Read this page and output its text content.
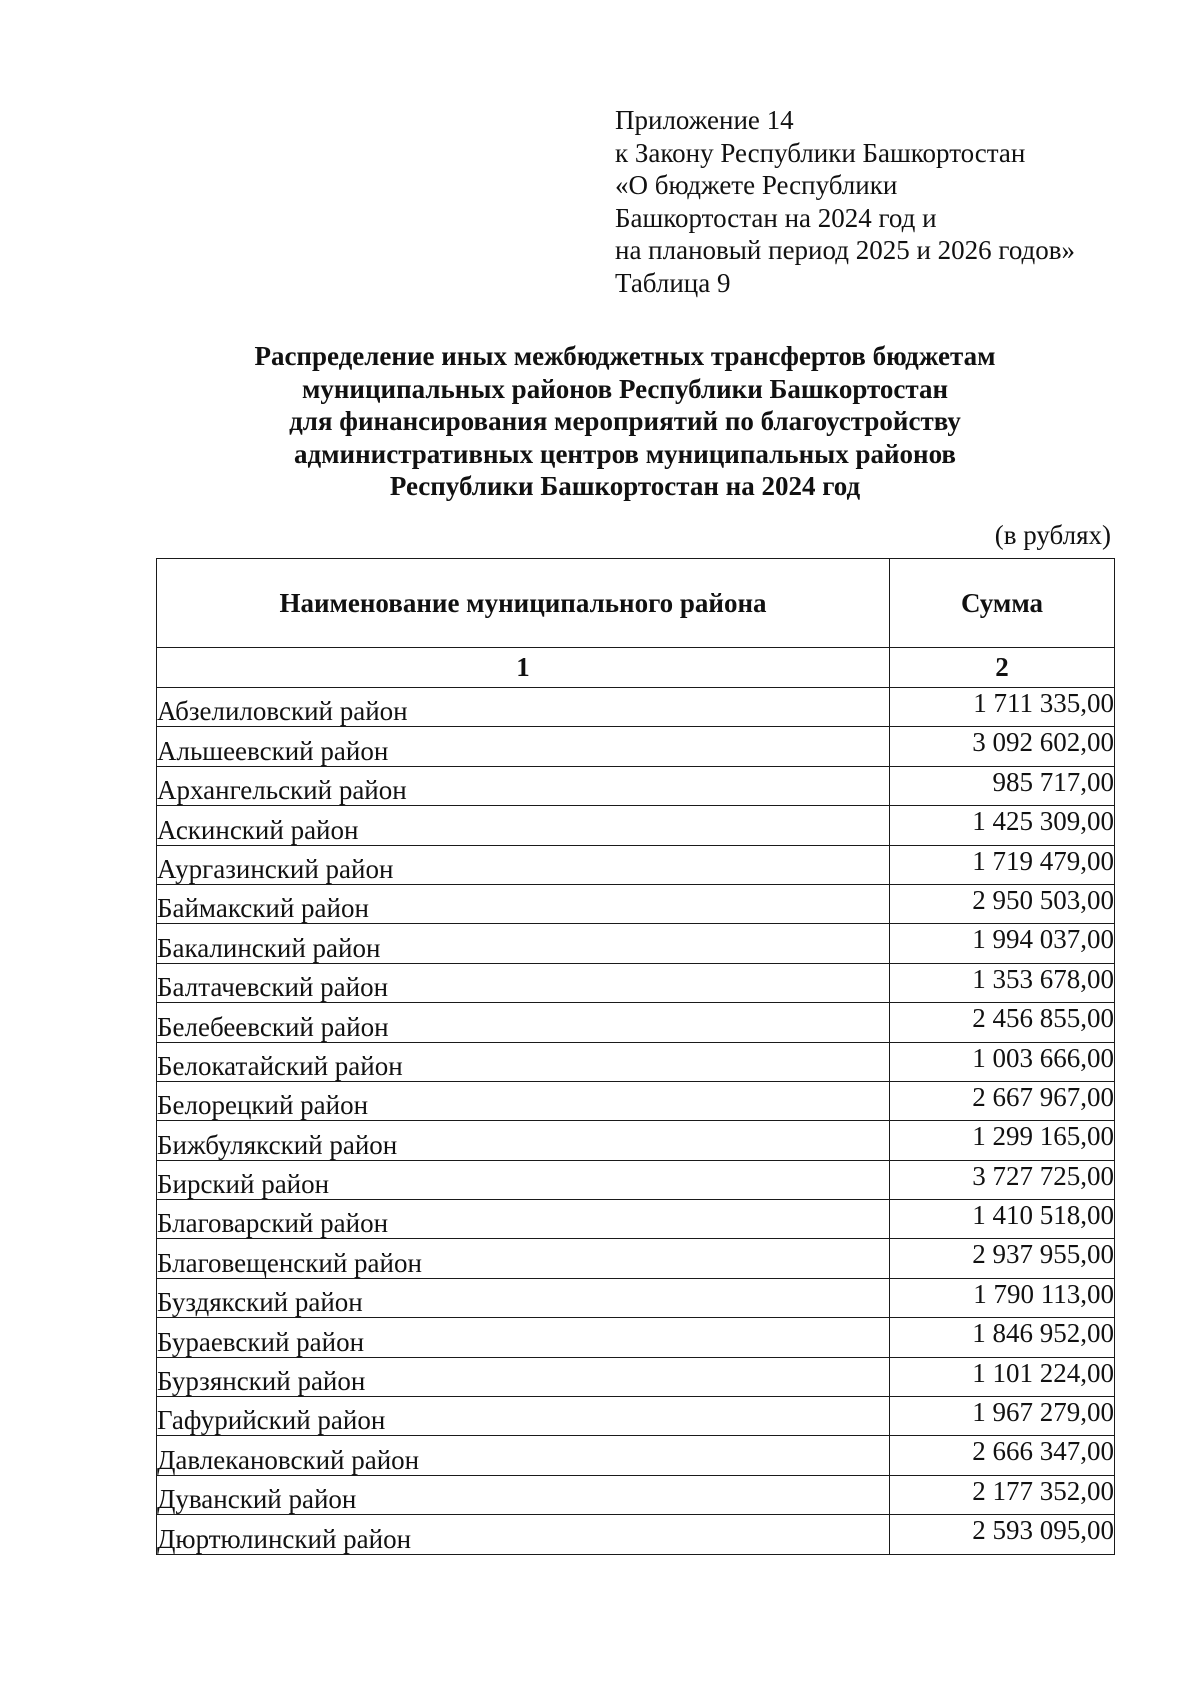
Приложение 14
к Закону Республики Башкортостан
«О бюджете Республики
Башкортостан на 2024 год и
на плановый период 2025 и 2026 годов»
Таблица 9
Распределение иных межбюджетных трансфертов бюджетам
муниципальных районов Республики Башкортостан
для финансирования мероприятий по благоустройству
административных центров муниципальных районов
Республики Башкортостан на 2024 год
(в рублях)
Наименование муниципального района	Сумма
1	2
Абзелиловский район	1 711 335,00
Альшеевский район	3 092 602,00
Архангельский район	985 717,00
Аскинский район	1 425 309,00
Аургазинский район	1 719 479,00
Баймакский район	2 950 503,00
Бакалинский район	1 994 037,00
Балтачевский район	1 353 678,00
Белебеевский район	2 456 855,00
Белокатайский район	1 003 666,00
Белорецкий район	2 667 967,00
Бижбулякский район	1 299 165,00
Бирский район	3 727 725,00
Благоварский район	1 410 518,00
Благовещенский район	2 937 955,00
Буздякский район	1 790 113,00
Бураевский район	1 846 952,00
Бурзянский район	1 101 224,00
Гафурийский район	1 967 279,00
Давлекановский район	2 666 347,00
Дуванский район	2 177 352,00
Дюртюлинский район	2 593 095,00
